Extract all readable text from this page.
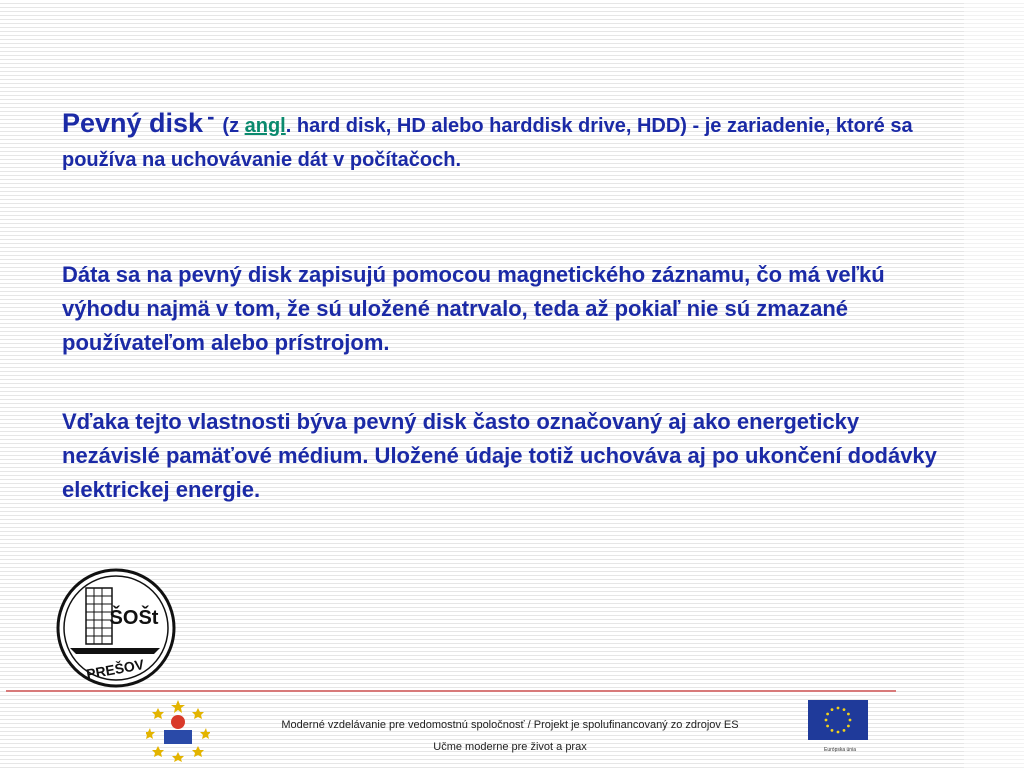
Pevný disk - (z angl. hard disk, HD alebo harddisk drive, HDD) - je zariadenie, ktoré sa používa na uchovávanie dát v počítačoch.

Dáta sa na pevný disk zapisujú pomocou magnetického záznamu, čo má veľkú výhodu najmä v tom, že sú uložené natrvalo, teda až pokiaľ nie sú zmazané používateľom alebo prístrojom.

Vďaka tejto vlastnosti býva pevný disk často označovaný aj ako energeticky nezávislé pamäťové médium. Uložené údaje totiž uchováva aj po ukončení dodávky elektrickej energie.

ŠOŠt
PREŠOV
Moderné vzdelávanie pre vedomostnú spoločnosť / Projekt je spolufinancovaný zo zdrojov ES
Učme moderne pre život a prax	Európska únia
